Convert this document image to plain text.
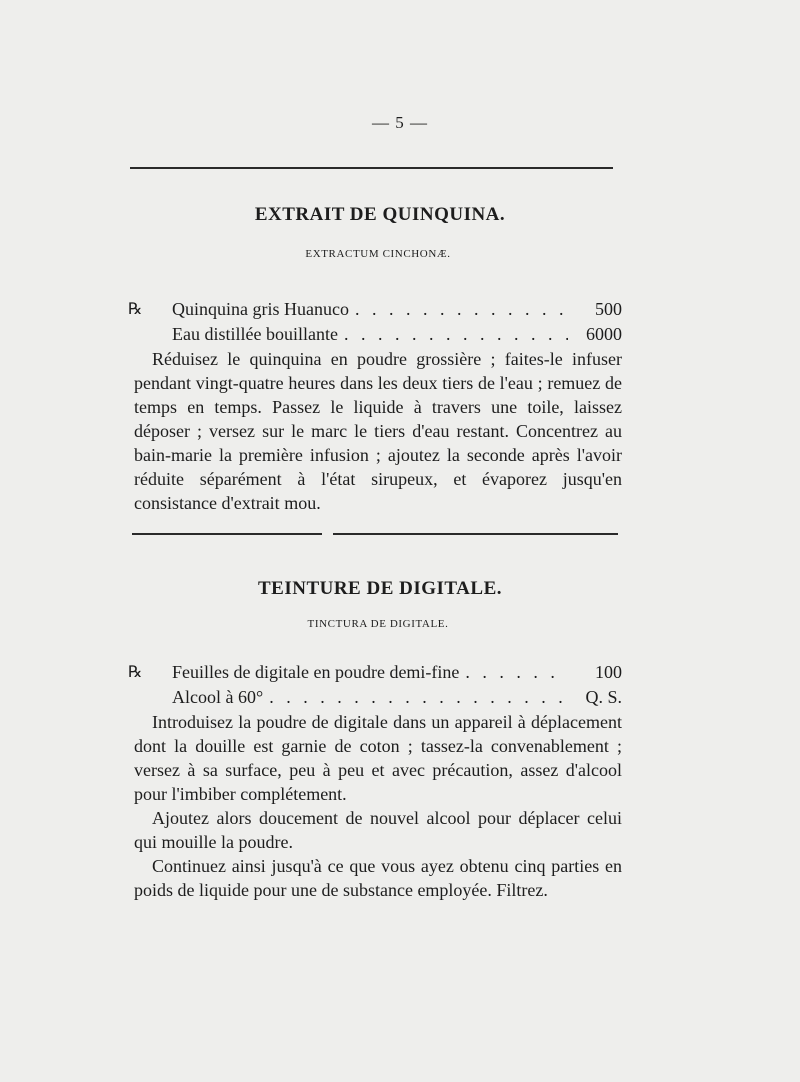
— 5 —
EXTRAIT DE QUINQUINA.
EXTRACTUM CINCHONÆ.
℞	Quinquina gris Huanuco . . .	500
Eau distillée bouillante . . .	6000

Réduisez le quinquina en poudre grossière ; faites-le infuser pendant vingt-quatre heures dans les deux tiers de l'eau ; remuez de temps en temps. Passez le liquide à travers une toile, laissez déposer ; versez sur le marc le tiers d'eau restant. Concentrez au bain-marie la première infusion ; ajoutez la seconde après l'avoir réduite séparément à l'état sirupeux, et évaporez jusqu'en consistance d'extrait mou.

TEINTURE DE DIGITALE.
TINCTURA DE DIGITALE.
℞	Feuilles de digitale en poudre demi-fine . . .	100
Alcool à 60° . . .	Q. S.

Introduisez la poudre de digitale dans un appareil à déplacement dont la douille est garnie de coton ; tassez-la convenablement ; versez à sa surface, peu à peu et avec précaution, assez d'alcool pour l'imbiber complétement.

Ajoutez alors doucement de nouvel alcool pour déplacer celui qui mouille la poudre.

Continuez ainsi jusqu'à ce que vous ayez obtenu cinq parties en poids de liquide pour une de substance employée. Filtrez.
